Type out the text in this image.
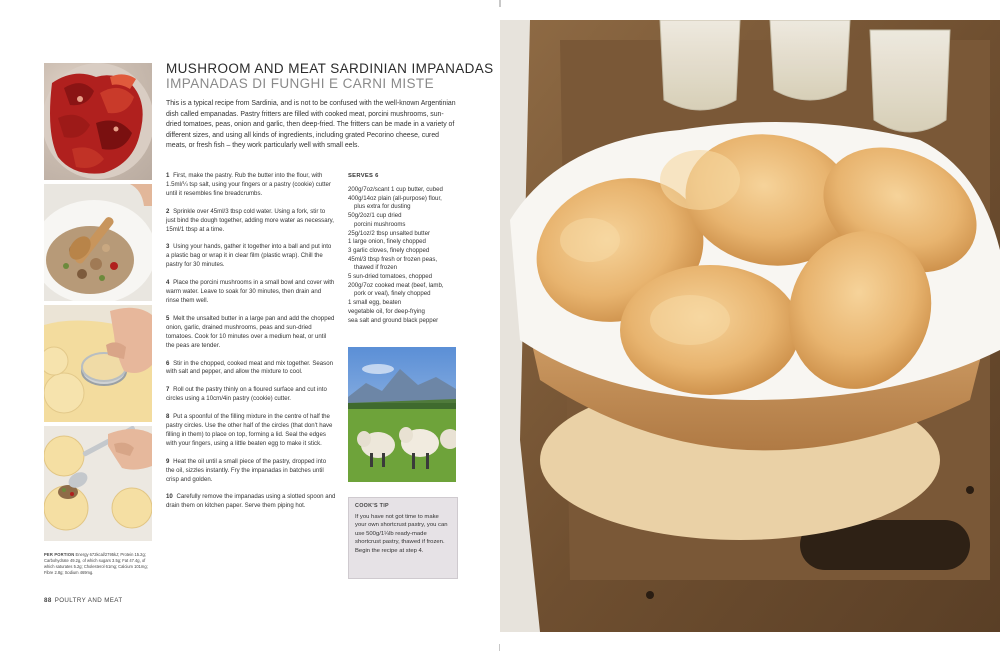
MUSHROOM AND MEAT SARDINIAN IMPANADAS
IMPANADAS DI FUNGHI E CARNI MISTE

This is a typical recipe from Sardinia, and is not to be confused with the well-known Argentinian dish called empanadas. Pastry fritters are filled with cooked meat, porcini mushrooms, sun-dried tomatoes, peas, onion and garlic, then deep-fried. The fritters can be made in a variety of different sizes, and using all kinds of ingredients, including grated Pecorino cheese, cured meats, or fresh fish – they work particularly well with small eels.

1 First, make the pastry. Rub the butter into the flour, with 1.5ml/¼ tsp salt, using your fingers or a pastry (cookie) cutter until it resembles fine breadcrumbs.

2 Sprinkle over 45ml/3 tbsp cold water. Using a fork, stir to just bind the dough together, adding more water as necessary, 15ml/1 tbsp at a time.

3 Using your hands, gather it together into a ball and put into a plastic bag or wrap it in clear film (plastic wrap). Chill the pastry for 30 minutes.

4 Place the porcini mushrooms in a small bowl and cover with warm water. Leave to soak for 30 minutes, then drain and rinse them well.

5 Melt the unsalted butter in a large pan and add the chopped onion, garlic, drained mushrooms, peas and sun-dried tomatoes. Cook for 10 minutes over a medium heat, or until the peas are tender.

6 Stir in the chopped, cooked meat and mix together. Season with salt and pepper, and allow the mixture to cool.

7 Roll out the pastry thinly on a floured surface and cut into circles using a 10cm/4in pastry (cookie) cutter.

8 Put a spoonful of the filling mixture in the centre of half the pastry circles. Use the other half of the circles (that don't have filling in them) to place on top, forming a lid. Seal the edges with your fingers, using a little beaten egg to make it stick.

9 Heat the oil until a small piece of the pastry, dropped into the oil, sizzles instantly. Fry the impanadas in batches until crisp and golden.

10 Carefully remove the impanadas using a slotted spoon and drain them on kitchen paper. Serve them piping hot.

SERVES 6

200g/7oz/scant 1 cup butter, cubed
400g/14oz plain (all-purpose) flour,
plus extra for dusting
50g/2oz/1 cup dried
porcini mushrooms
25g/1oz/2 tbsp unsalted butter
1 large onion, finely chopped
3 garlic cloves, finely chopped
45ml/3 tbsp fresh or frozen peas,
thawed if frozen
5 sun-dried tomatoes, chopped
200g/7oz cooked meat (beef, lamb,
pork or veal), finely chopped
1 small egg, beaten
vegetable oil, for deep-frying
sea salt and ground black pepper

COOK'S TIP

If you have not got time to make your own shortcrust pastry, you can use 500g/1¼lb ready-made shortcrust pastry, thawed if frozen. Begin the recipe at step 4.

PER PORTION Energy 672kcal/2795kJ; Protein 15.2g; Carbohydrate 49.2g, of which sugars 3.5g; Fat 47.4g, of which saturates 5.2g; Cholesterol 61mg; Calcium 101mg; Fibre 2.8g; Sodium 469mg.

88 POULTRY AND MEAT
